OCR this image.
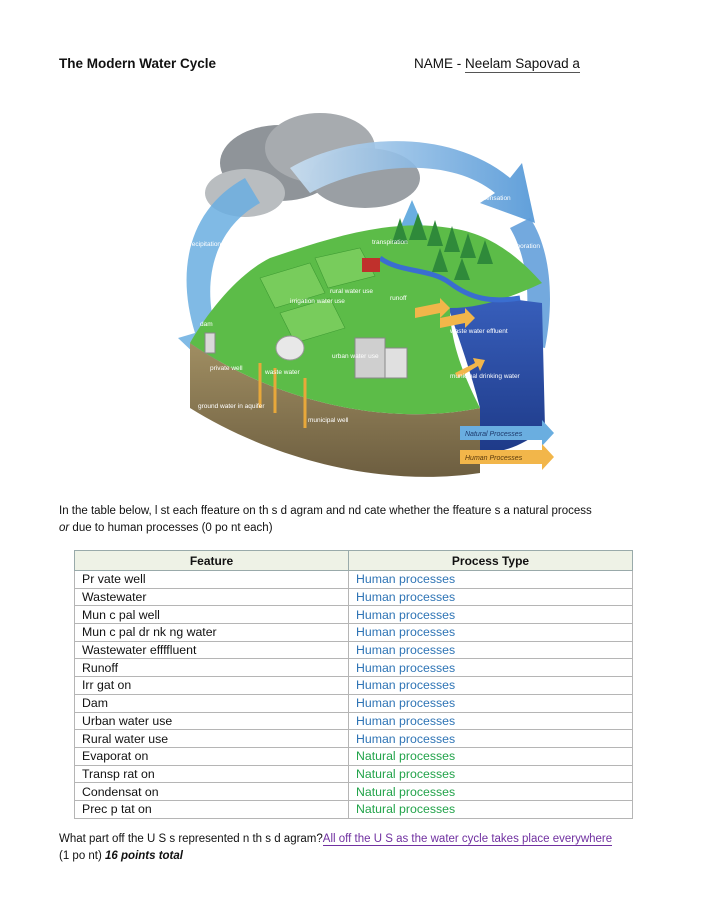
The Modern Water Cycle	NAME - Neelam Sapovad a
condensation
precipitation	transpiration
evaporation
irrigation water use
rural water use
runoff
dam
waste water effluent
urban water use
municipal drinking water
private well
waste water
ground water in aquifer
municipal well
Natural Processes
Human Processes
In the table below, l st each ffeature on th s d agram and nd cate whether the ffeature s a natural process
or due to human processes (0 po nt each)
Feature	Process Type
Pr vate well	Human processes
Wastewater	Human processes
Mun c pal well	Human processes
Mun c pal dr nk ng water	Human processes
Wastewater effffluent	Human processes
Runoff	Human processes
Irr gat on	Human processes
Dam	Human processes
Urban water use	Human processes
Rural water use	Human processes
Evaporat on	Natural processes
Transp rat on	Natural processes
Condensat on	Natural processes
Prec p tat on	Natural processes
What part off the U S s represented n th s d agram?All off the U S as the water cycle takes place everywhere
(1 po nt) 16 points total
